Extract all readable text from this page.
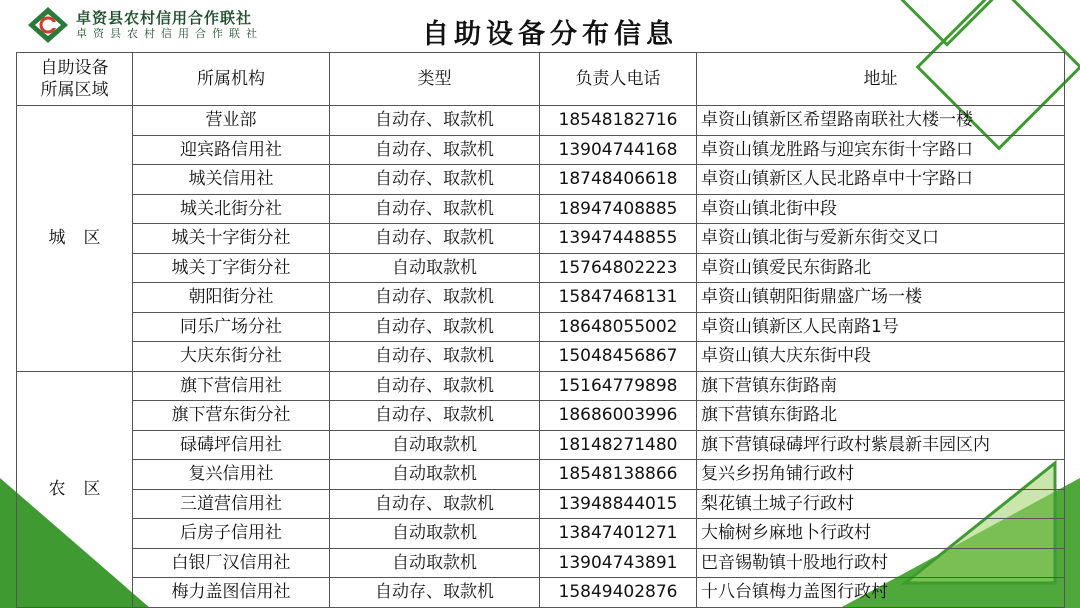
卓资县农村信用合作联社
卓资县农村信用合作联社	自助设备分布信息
自助设备
所属区域	所属机构	类型	负责人电话	地址
城区	营业部	自动存、取款机	18548182716	卓资山镇新区希望路南联社大楼一楼
	迎宾路信用社	自动存、取款机	13904744168	卓资山镇龙胜路与迎宾东街十字路口
	城关信用社	自动存、取款机	18748406618	卓资山镇新区人民北路卓中十字路口
	城关北街分社	自动存、取款机	18947408885	卓资山镇北街中段
	城关十字街分社	自动存、取款机	13947448855	卓资山镇北街与爱新东街交叉口
	城关丁字街分社	自动取款机	15764802223	卓资山镇爱民东街路北
	朝阳街分社	自动存、取款机	15847468131	卓资山镇朝阳街鼎盛广场一楼
	同乐广场分社	自动存、取款机	18648055002	卓资山镇新区人民南路1号
	大庆东街分社	自动存、取款机	15048456867	卓资山镇大庆东街中段
农区	旗下营信用社	自动存、取款机	15164779898	旗下营镇东街路南
	旗下营东街分社	自动存、取款机	18686003996	旗下营镇东街路北
	碌碡坪信用社	自动取款机	18148271480	旗下营镇碌碡坪行政村紫晨新丰园区内
	复兴信用社	自动取款机	18548138866	复兴乡拐角铺行政村
	三道营信用社	自动存、取款机	13948844015	梨花镇土城子行政村
	后房子信用社	自动取款机	13847401271	大榆树乡麻地卜行政村
	白银厂汉信用社	自动取款机	13904743891	巴音锡勒镇十股地行政村
	梅力盖图信用社	自动存、取款机	15849402876	十八台镇梅力盖图行政村
